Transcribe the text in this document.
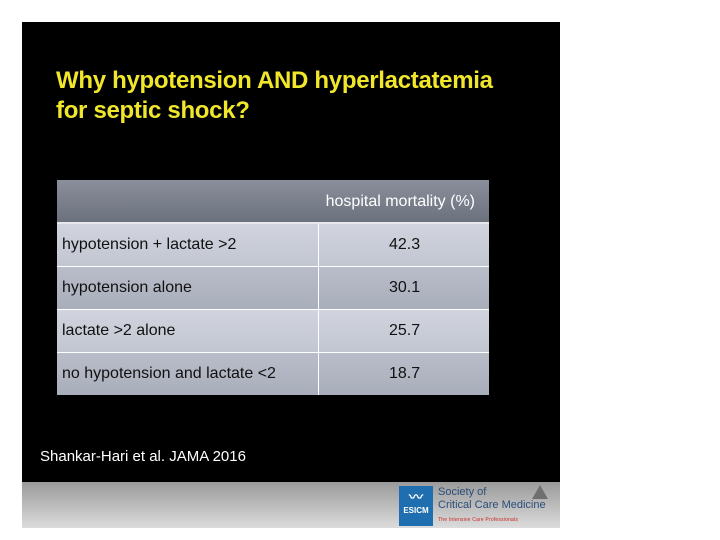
Why hypotension AND hyperlactatemia
for septic shock?
hospital mortality (%)
hypotension + lactate >2	42.3
hypotension alone	30.1
lactate >2 alone	25.7
no hypotension and lactate <2	18.7
Shankar-Hari et al. JAMA 2016
〰
ESICM
Society of
Critical Care Medicine
The Intensive Care Professionals
